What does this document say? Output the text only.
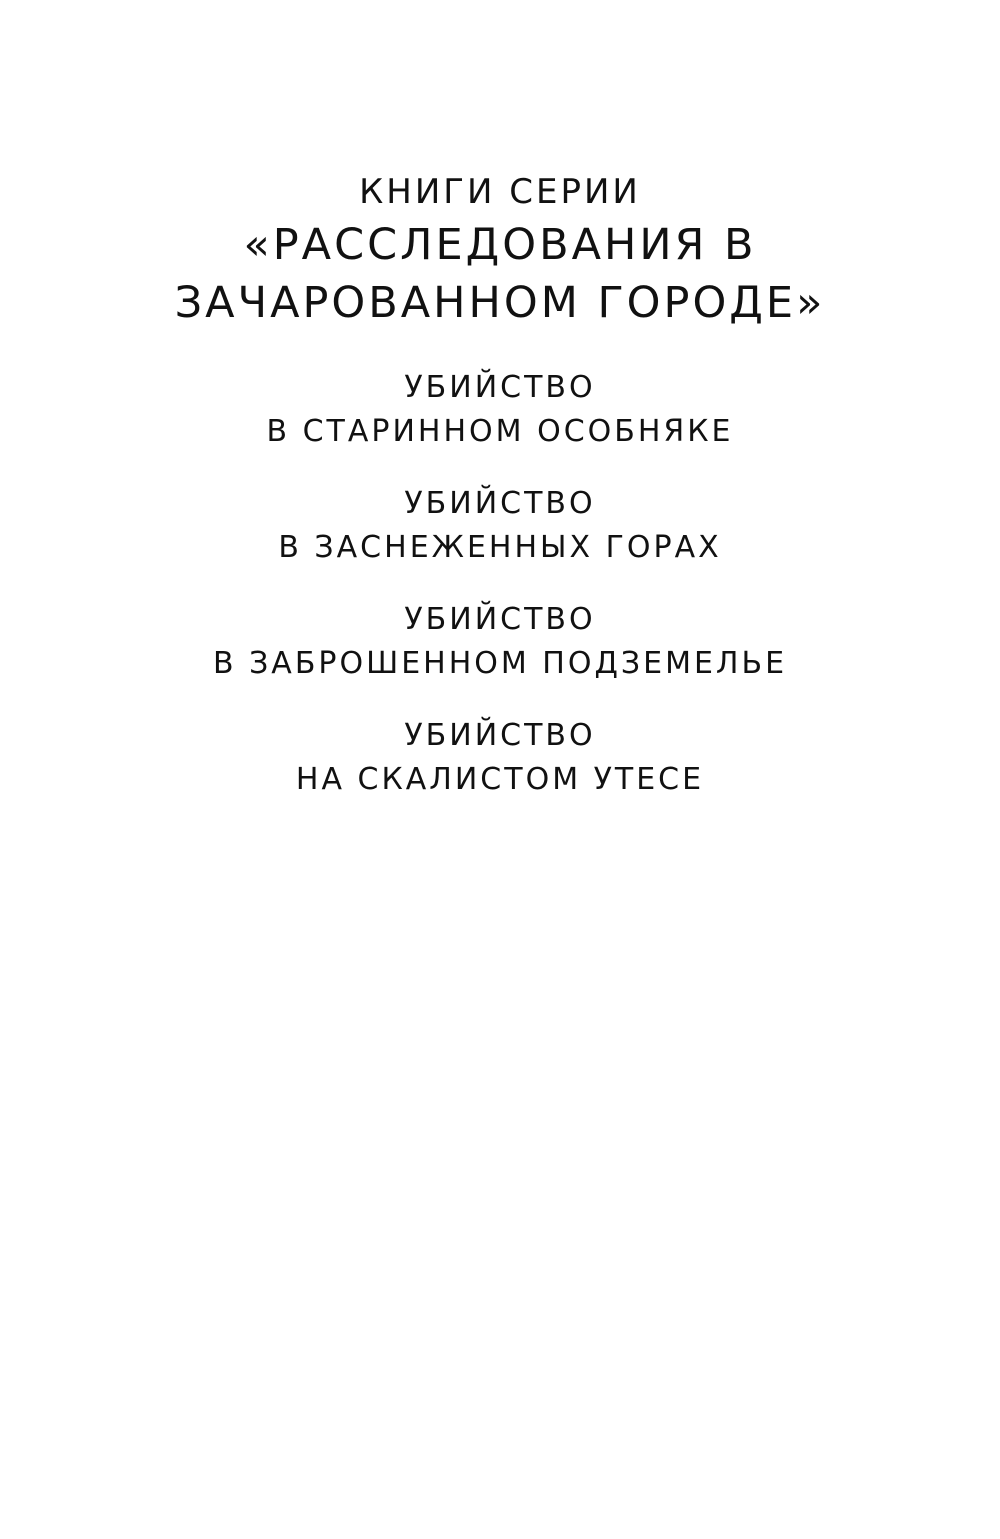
КНИГИ СЕРИИ
«РАССЛЕДОВАНИЯ В
ЗАЧАРОВАННОМ ГОРОДЕ»
УБИЙСТВО
В СТАРИННОМ ОСОБНЯКЕ
УБИЙСТВО
В ЗАСНЕЖЕННЫХ ГОРАХ
УБИЙСТВО
В ЗАБРОШЕННОМ ПОДЗЕМЕЛЬЕ
УБИЙСТВО
НА СКАЛИСТОМ УТЕСЕ
